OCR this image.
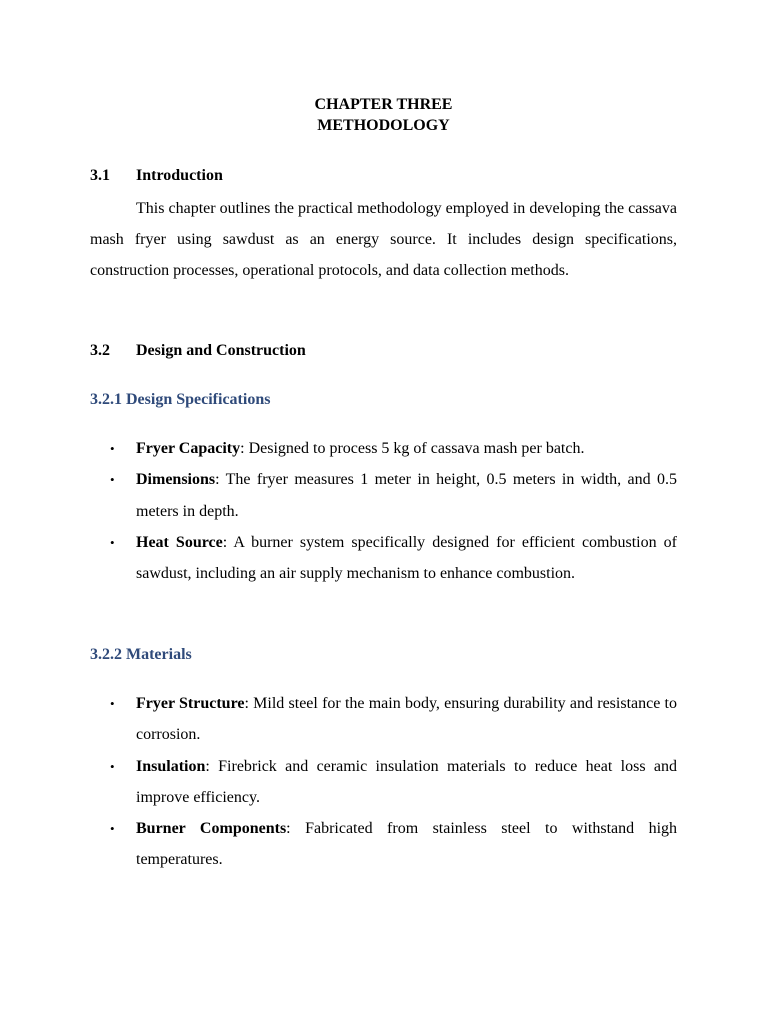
CHAPTER THREE
METHODOLOGY
3.1 Introduction

This chapter outlines the practical methodology employed in developing the cassava mash fryer using sawdust as an energy source. It includes design specifications, construction processes, operational protocols, and data collection methods.

3.2 Design and Construction
3.2.1 Design Specifications
• Fryer Capacity: Designed to process 5 kg of cassava mash per batch.
• Dimensions: The fryer measures 1 meter in height, 0.5 meters in width, and 0.5 meters in depth.
• Heat Source: A burner system specifically designed for efficient combustion of sawdust, including an air supply mechanism to enhance combustion.
3.2.2 Materials
• Fryer Structure: Mild steel for the main body, ensuring durability and resistance to corrosion.
• Insulation: Firebrick and ceramic insulation materials to reduce heat loss and improve efficiency.
• Burner Components: Fabricated from stainless steel to withstand high temperatures.
